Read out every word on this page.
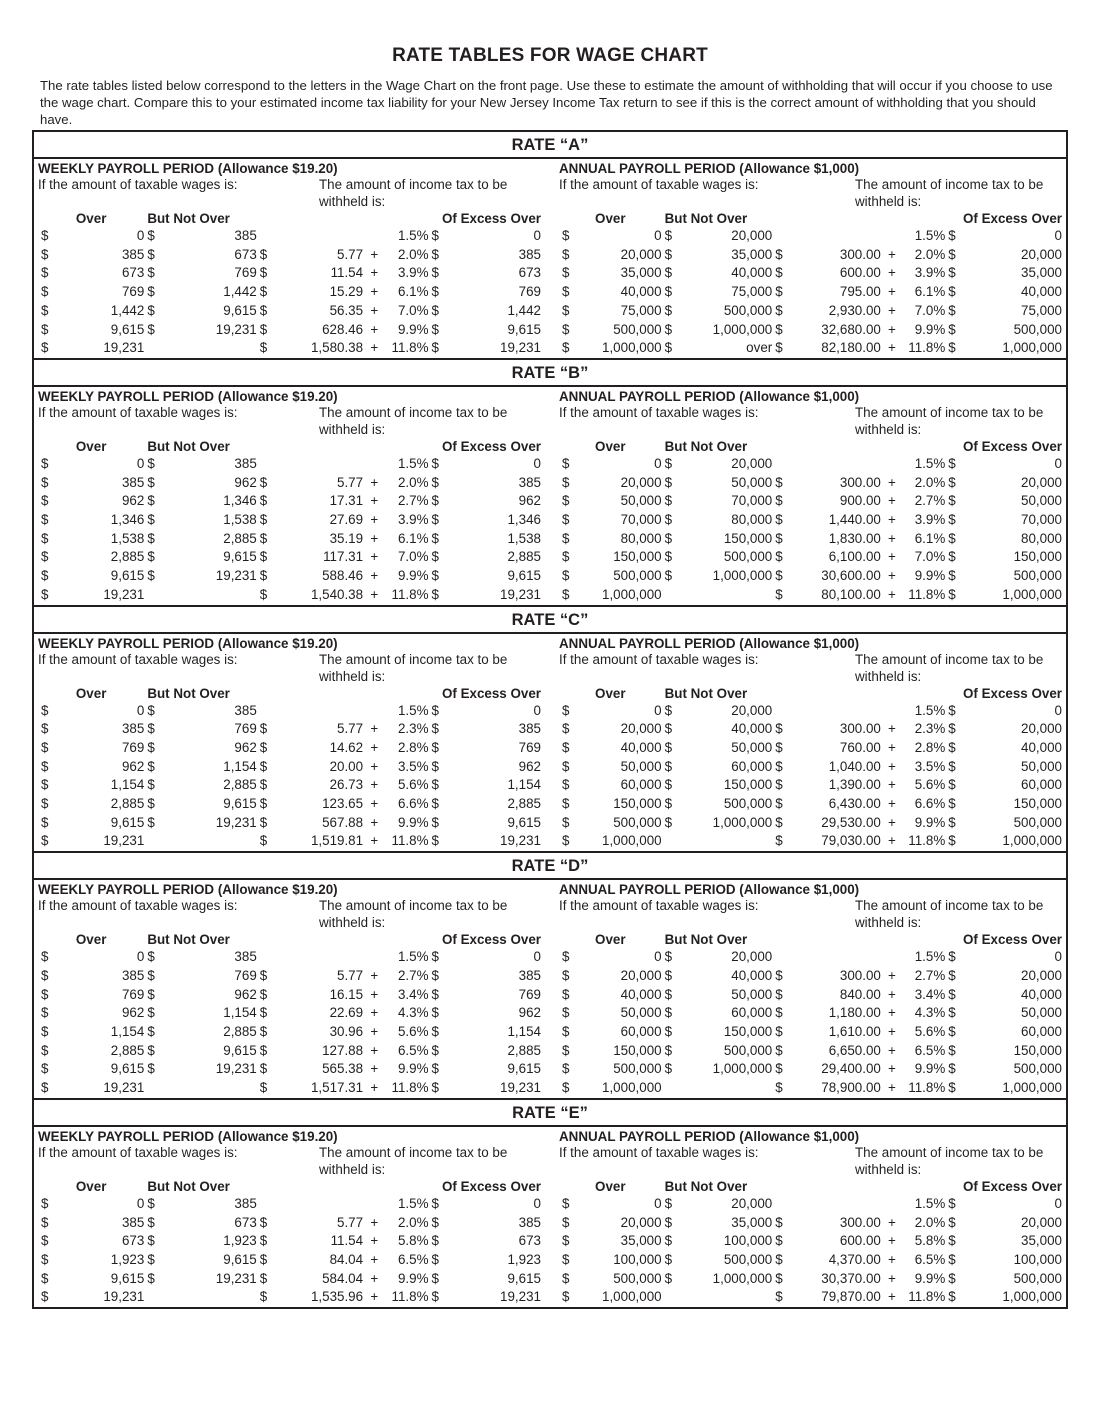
RATE TABLES FOR WAGE CHART
The rate tables listed below correspond to the letters in the Wage Chart on the front page. Use these to estimate the amount of withholding that will occur if you choose to use the wage chart. Compare this to your estimated income tax liability for your New Jersey Income Tax return to see if this is the correct amount of withholding that you should have.
RATE “A”
WEEKLY PAYROLL PERIOD (Allowance $19.20)
If the amount of taxable wages is:	The amount of income tax to be withheld is:
Over		But Not Over						Of Excess Over	
$	0	$	385				1.5%	$	0
$	385	$	673	$	5.77	+	2.0%	$	385
$	673	$	769	$	11.54	+	3.9%	$	673
$	769	$	1,442	$	15.29	+	6.1%	$	769
$	1,442	$	9,615	$	56.35	+	7.0%	$	1,442
$	9,615	$	19,231	$	628.46	+	9.9%	$	9,615
$	19,231			$	1,580.38	+	11.8%	$	19,231
ANNUAL PAYROLL PERIOD (Allowance $1,000)
If the amount of taxable wages is:	The amount of income tax to be withheld is:
Over		But Not Over						Of Excess Over	
$	0	$	20,000				1.5%	$	0
$	20,000	$	35,000	$	300.00	+	2.0%	$	20,000
$	35,000	$	40,000	$	600.00	+	3.9%	$	35,000
$	40,000	$	75,000	$	795.00	+	6.1%	$	40,000
$	75,000	$	500,000	$	2,930.00	+	7.0%	$	75,000
$	500,000	$	1,000,000	$	32,680.00	+	9.9%	$	500,000
$	1,000,000	$	over	$	82,180.00	+	11.8%	$	1,000,000
RATE “B”
WEEKLY PAYROLL PERIOD (Allowance $19.20)
If the amount of taxable wages is:	The amount of income tax to be withheld is:
Over		But Not Over						Of Excess Over	
$	0	$	385				1.5%	$	0
$	385	$	962	$	5.77	+	2.0%	$	385
$	962	$	1,346	$	17.31	+	2.7%	$	962
$	1,346	$	1,538	$	27.69	+	3.9%	$	1,346
$	1,538	$	2,885	$	35.19	+	6.1%	$	1,538
$	2,885	$	9,615	$	117.31	+	7.0%	$	2,885
$	9,615	$	19,231	$	588.46	+	9.9%	$	9,615
$	19,231			$	1,540.38	+	11.8%	$	19,231
ANNUAL PAYROLL PERIOD (Allowance $1,000)
If the amount of taxable wages is:	The amount of income tax to be withheld is:
Over		But Not Over						Of Excess Over	
$	0	$	20,000				1.5%	$	0
$	20,000	$	50,000	$	300.00	+	2.0%	$	20,000
$	50,000	$	70,000	$	900.00	+	2.7%	$	50,000
$	70,000	$	80,000	$	1,440.00	+	3.9%	$	70,000
$	80,000	$	150,000	$	1,830.00	+	6.1%	$	80,000
$	150,000	$	500,000	$	6,100.00	+	7.0%	$	150,000
$	500,000	$	1,000,000	$	30,600.00	+	9.9%	$	500,000
$	1,000,000			$	80,100.00	+	11.8%	$	1,000,000
RATE “C”
WEEKLY PAYROLL PERIOD (Allowance $19.20)
If the amount of taxable wages is:	The amount of income tax to be withheld is:
Over		But Not Over						Of Excess Over	
$	0	$	385				1.5%	$	0
$	385	$	769	$	5.77	+	2.3%	$	385
$	769	$	962	$	14.62	+	2.8%	$	769
$	962	$	1,154	$	20.00	+	3.5%	$	962
$	1,154	$	2,885	$	26.73	+	5.6%	$	1,154
$	2,885	$	9,615	$	123.65	+	6.6%	$	2,885
$	9,615	$	19,231	$	567.88	+	9.9%	$	9,615
$	19,231			$	1,519.81	+	11.8%	$	19,231
ANNUAL PAYROLL PERIOD (Allowance $1,000)
If the amount of taxable wages is:	The amount of income tax to be withheld is:
Over		But Not Over						Of Excess Over	
$	0	$	20,000				1.5%	$	0
$	20,000	$	40,000	$	300.00	+	2.3%	$	20,000
$	40,000	$	50,000	$	760.00	+	2.8%	$	40,000
$	50,000	$	60,000	$	1,040.00	+	3.5%	$	50,000
$	60,000	$	150,000	$	1,390.00	+	5.6%	$	60,000
$	150,000	$	500,000	$	6,430.00	+	6.6%	$	150,000
$	500,000	$	1,000,000	$	29,530.00	+	9.9%	$	500,000
$	1,000,000			$	79,030.00	+	11.8%	$	1,000,000
RATE “D”
WEEKLY PAYROLL PERIOD (Allowance $19.20)
If the amount of taxable wages is:	The amount of income tax to be withheld is:
Over		But Not Over						Of Excess Over	
$	0	$	385				1.5%	$	0
$	385	$	769	$	5.77	+	2.7%	$	385
$	769	$	962	$	16.15	+	3.4%	$	769
$	962	$	1,154	$	22.69	+	4.3%	$	962
$	1,154	$	2,885	$	30.96	+	5.6%	$	1,154
$	2,885	$	9,615	$	127.88	+	6.5%	$	2,885
$	9,615	$	19,231	$	565.38	+	9.9%	$	9,615
$	19,231			$	1,517.31	+	11.8%	$	19,231
ANNUAL PAYROLL PERIOD (Allowance $1,000)
If the amount of taxable wages is:	The amount of income tax to be withheld is:
Over		But Not Over						Of Excess Over	
$	0	$	20,000				1.5%	$	0
$	20,000	$	40,000	$	300.00	+	2.7%	$	20,000
$	40,000	$	50,000	$	840.00	+	3.4%	$	40,000
$	50,000	$	60,000	$	1,180.00	+	4.3%	$	50,000
$	60,000	$	150,000	$	1,610.00	+	5.6%	$	60,000
$	150,000	$	500,000	$	6,650.00	+	6.5%	$	150,000
$	500,000	$	1,000,000	$	29,400.00	+	9.9%	$	500,000
$	1,000,000			$	78,900.00	+	11.8%	$	1,000,000
RATE “E”
WEEKLY PAYROLL PERIOD (Allowance $19.20)
If the amount of taxable wages is:	The amount of income tax to be withheld is:
Over		But Not Over						Of Excess Over	
$	0	$	385				1.5%	$	0
$	385	$	673	$	5.77	+	2.0%	$	385
$	673	$	1,923	$	11.54	+	5.8%	$	673
$	1,923	$	9,615	$	84.04	+	6.5%	$	1,923
$	9,615	$	19,231	$	584.04	+	9.9%	$	9,615
$	19,231			$	1,535.96	+	11.8%	$	19,231
ANNUAL PAYROLL PERIOD (Allowance $1,000)
If the amount of taxable wages is:	The amount of income tax to be withheld is:
Over		But Not Over						Of Excess Over	
$	0	$	20,000				1.5%	$	0
$	20,000	$	35,000	$	300.00	+	2.0%	$	20,000
$	35,000	$	100,000	$	600.00	+	5.8%	$	35,000
$	100,000	$	500,000	$	4,370.00	+	6.5%	$	100,000
$	500,000	$	1,000,000	$	30,370.00	+	9.9%	$	500,000
$	1,000,000			$	79,870.00	+	11.8%	$	1,000,000
